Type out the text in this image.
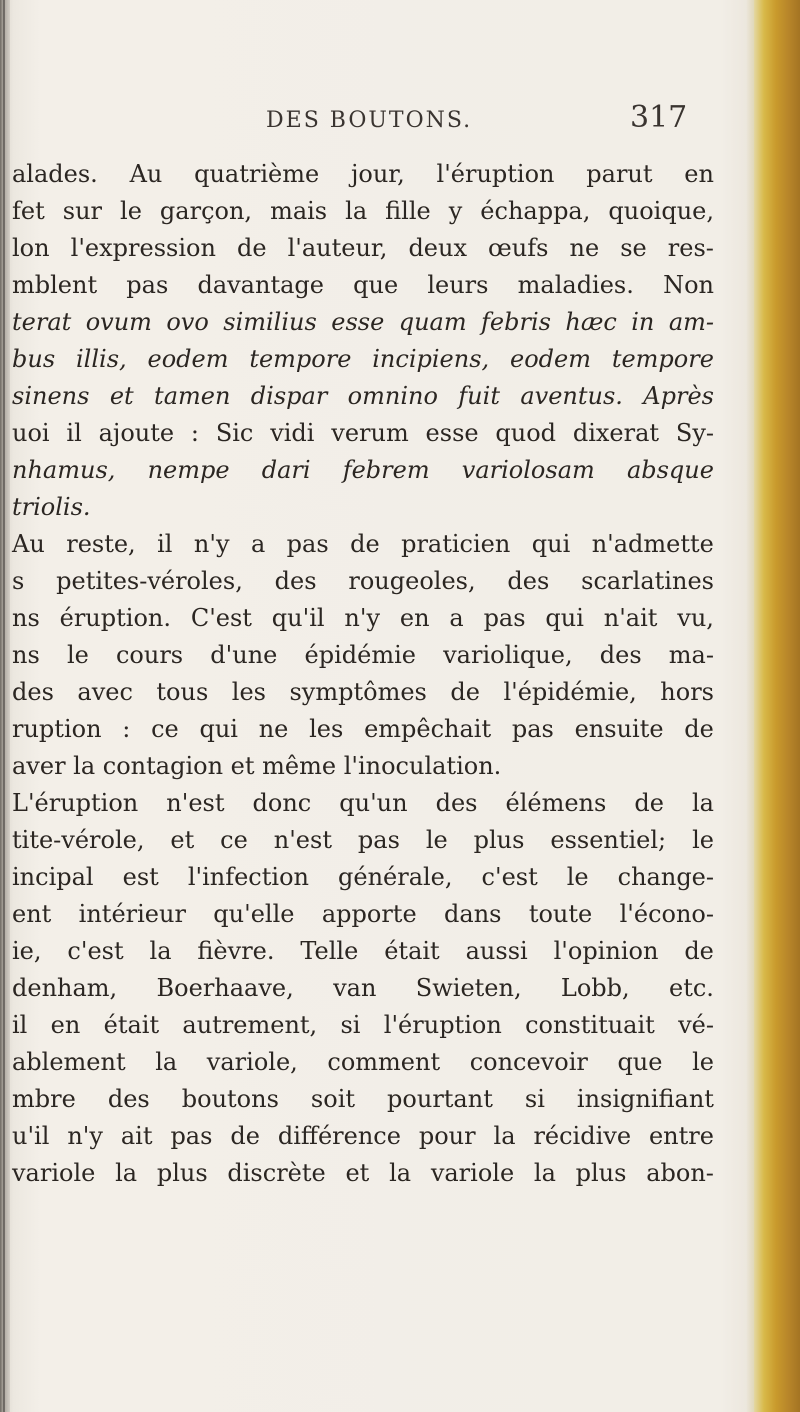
DES BOUTONS.	317
alades. Au quatrième jour, l'éruption parut en
fet sur le garçon, mais la fille y échappa, quoique,
lon l'expression de l'auteur, deux œufs ne se res-
mblent pas davantage que leurs maladies. Non
terat ovum ovo similius esse quam febris hæc in am-
bus illis, eodem tempore incipiens, eodem tempore
sinens et tamen dispar omnino fuit aventus. Après
uoi il ajoute : Sic vidi verum esse quod dixerat Sy-
nhamus, nempe dari febrem variolosam absque
triolis.
Au reste, il n'y a pas de praticien qui n'admette
s petites-véroles, des rougeoles, des scarlatines
ns éruption. C'est qu'il n'y en a pas qui n'ait vu,
ns le cours d'une épidémie variolique, des ma-
des avec tous les symptômes de l'épidémie, hors
ruption : ce qui ne les empêchait pas ensuite de
aver la contagion et même l'inoculation.
L'éruption n'est donc qu'un des élémens de la
tite-vérole, et ce n'est pas le plus essentiel; le
incipal est l'infection générale, c'est le change-
ent intérieur qu'elle apporte dans toute l'écono-
ie, c'est la fièvre. Telle était aussi l'opinion de
denham, Boerhaave, van Swieten, Lobb, etc.
il en était autrement, si l'éruption constituait vé-
ablement la variole, comment concevoir que le
mbre des boutons soit pourtant si insignifiant
u'il n'y ait pas de différence pour la récidive entre
variole la plus discrète et la variole la plus abon-
